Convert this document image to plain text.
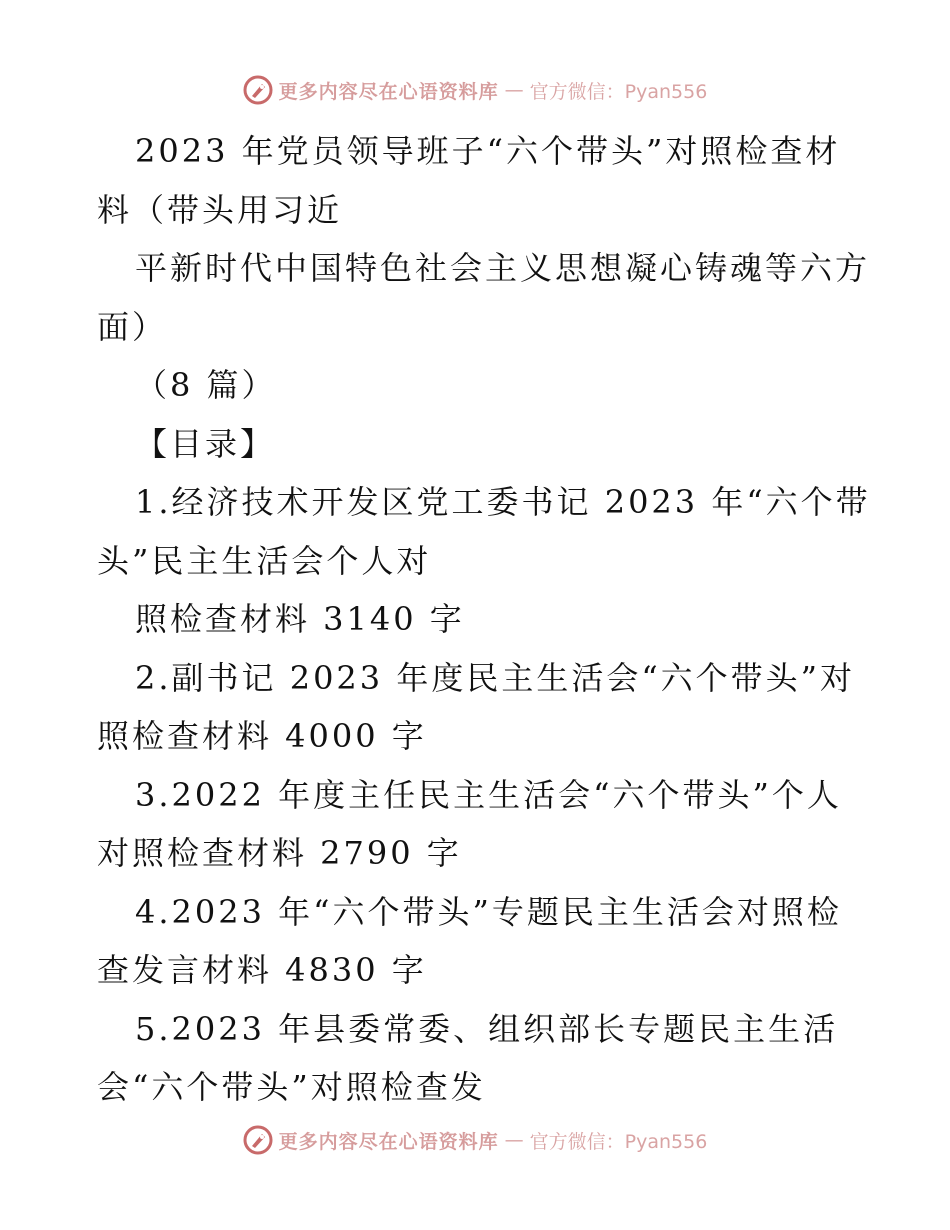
更多内容尽在心语资料库 — 官方微信：Pyan556
2023 年党员领导班子“六个带头”对照检查材
料（带头用习近
平新时代中国特色社会主义思想凝心铸魂等六方
面）
（8 篇）
【目录】
1.经济技术开发区党工委书记 2023 年“六个带
头”民主生活会个人对
照检查材料 3140 字
2.副书记 2023 年度民主生活会“六个带头”对
照检查材料 4000 字
3.2022 年度主任民主生活会“六个带头”个人
对照检查材料 2790 字
4.2023 年“六个带头”专题民主生活会对照检
查发言材料 4830 字
5.2023 年县委常委、组织部长专题民主生活
会“六个带头”对照检查发
更多内容尽在心语资料库 — 官方微信：Pyan556
